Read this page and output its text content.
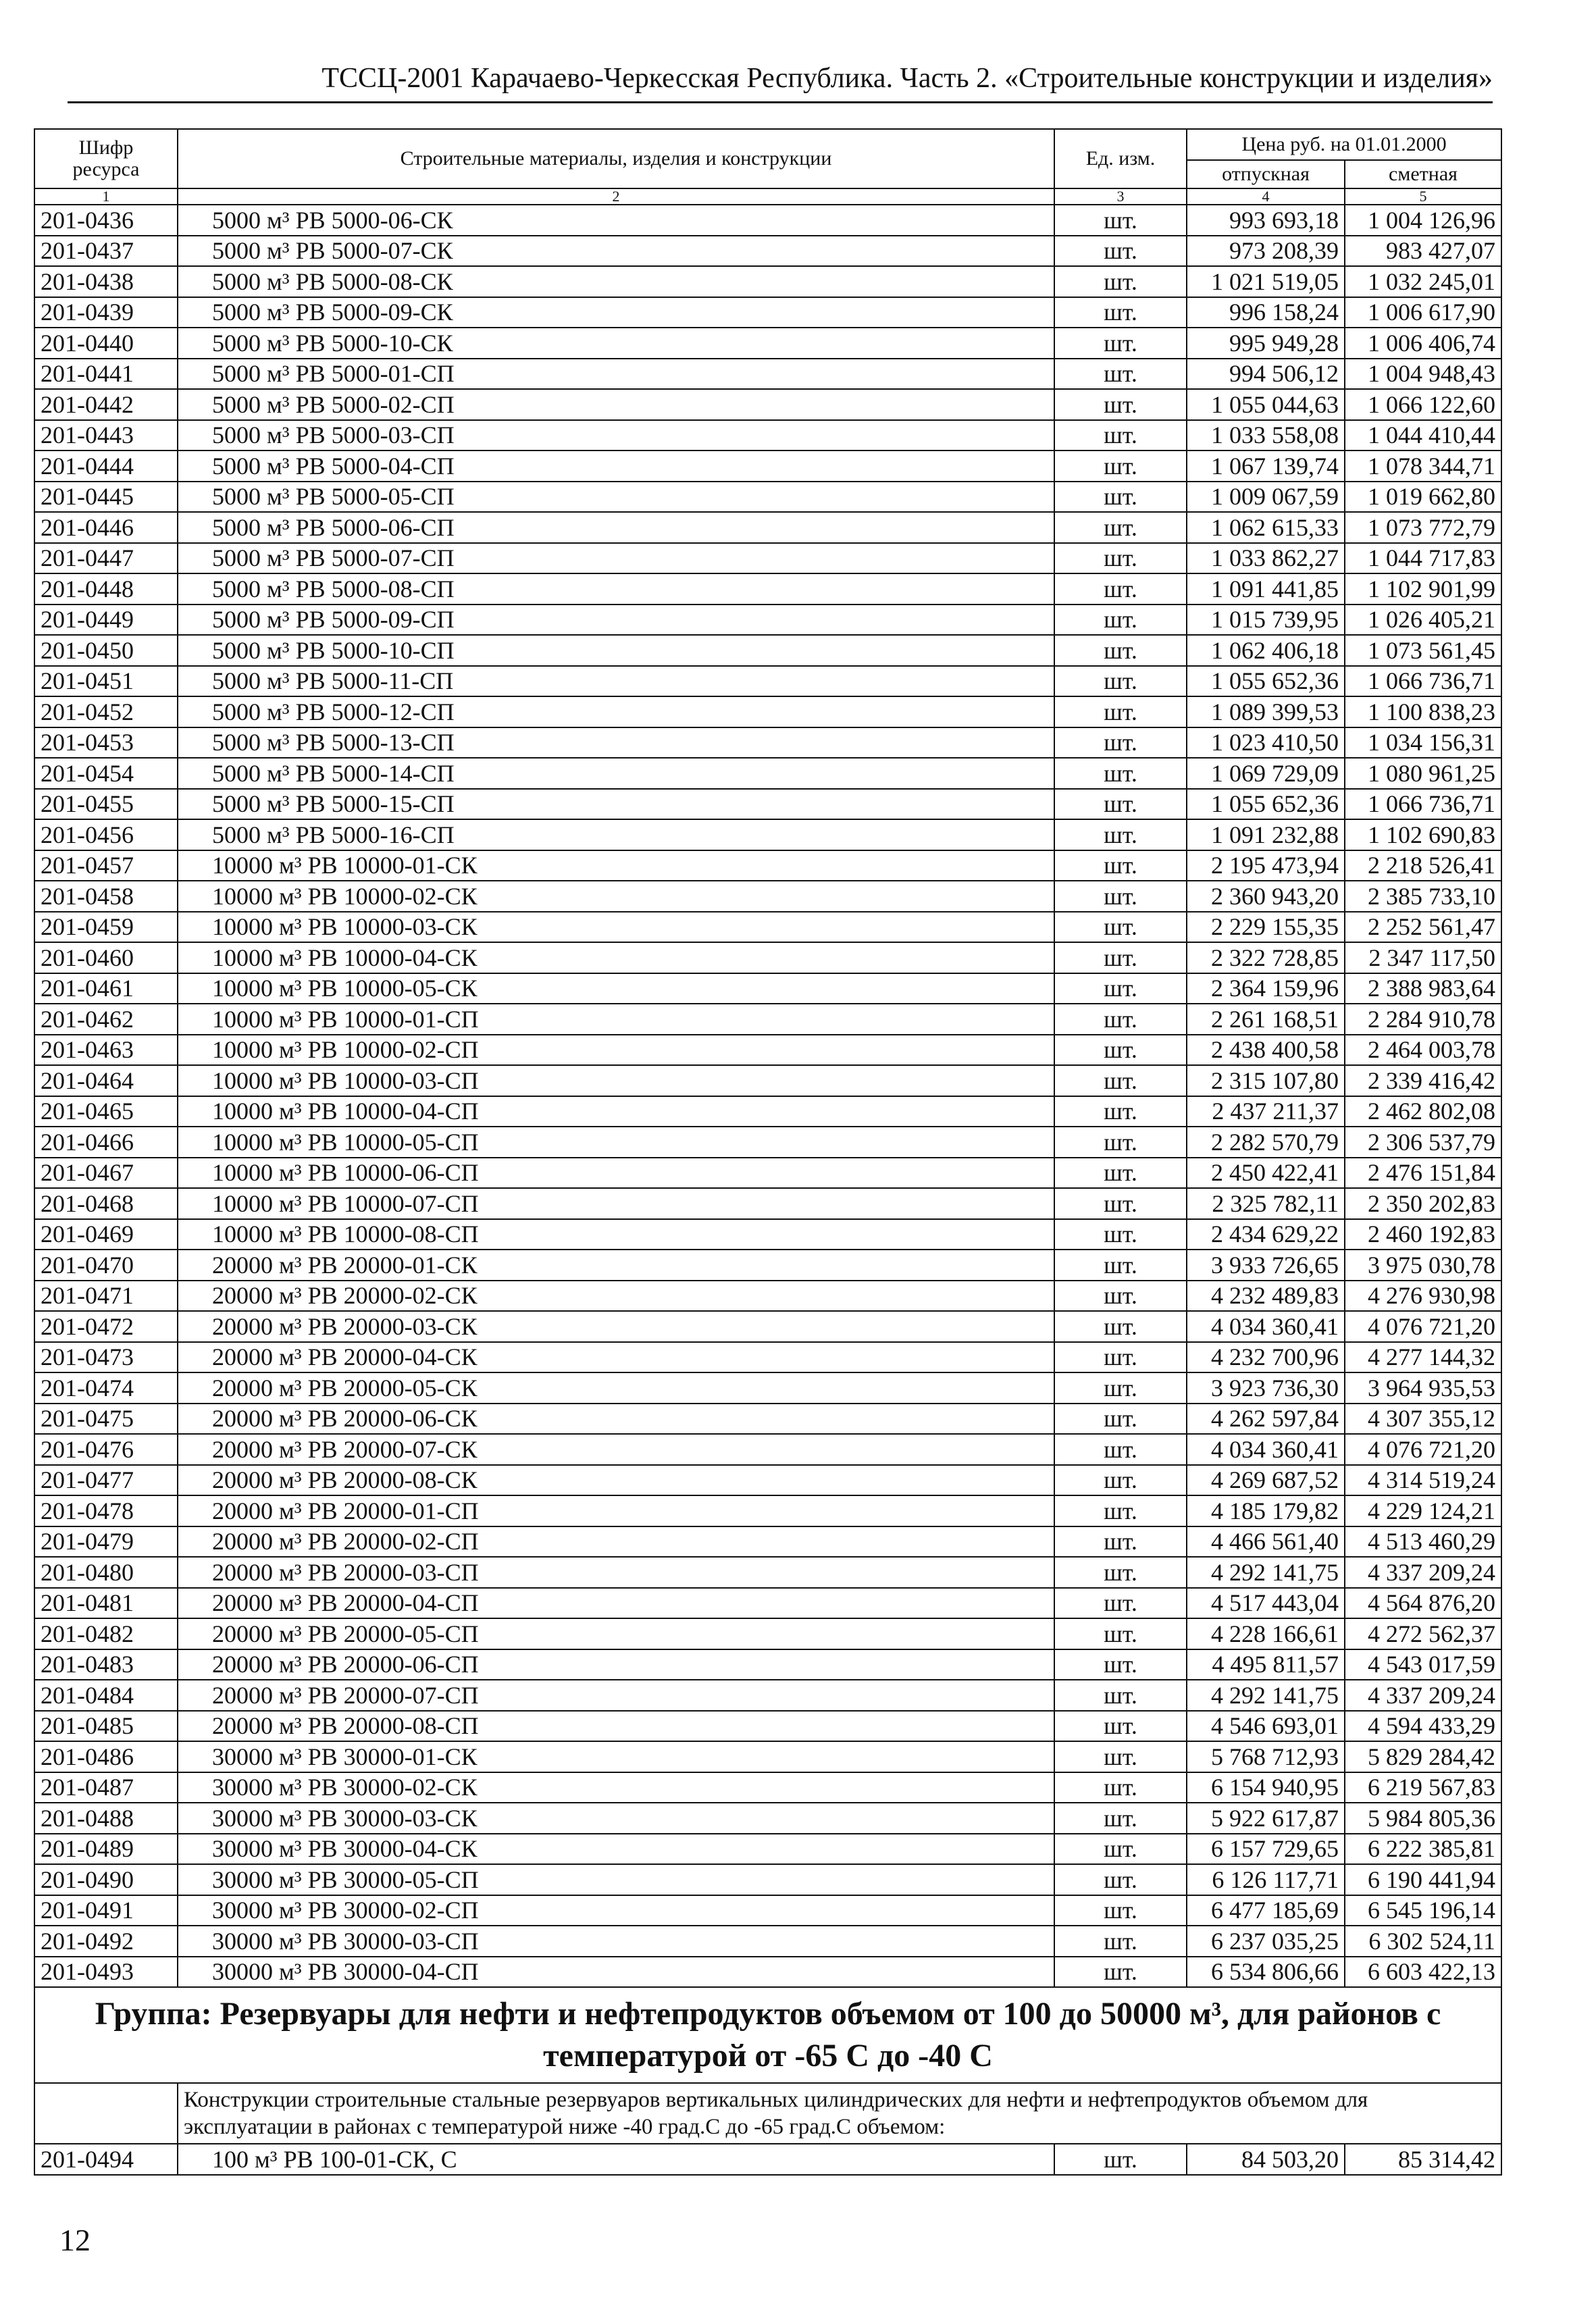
ТССЦ-2001 Карачаево-Черкесская Республика. Часть 2. «Строительные конструкции и изделия»
Шифр ресурса	Строительные материалы, изделия и конструкции	Ед. изм.	Цена руб. на 01.01.2000	
			отпускная	сметная
1	2	3	4	5
201-0436	5000 м³ РВ 5000-06-СК	шт.	993 693,18	1 004 126,96
201-0437	5000 м³ РВ 5000-07-СК	шт.	973 208,39	983 427,07
201-0438	5000 м³ РВ 5000-08-СК	шт.	1 021 519,05	1 032 245,01
201-0439	5000 м³ РВ 5000-09-СК	шт.	996 158,24	1 006 617,90
201-0440	5000 м³ РВ 5000-10-СК	шт.	995 949,28	1 006 406,74
201-0441	5000 м³ РВ 5000-01-СП	шт.	994 506,12	1 004 948,43
201-0442	5000 м³ РВ 5000-02-СП	шт.	1 055 044,63	1 066 122,60
201-0443	5000 м³ РВ 5000-03-СП	шт.	1 033 558,08	1 044 410,44
201-0444	5000 м³ РВ 5000-04-СП	шт.	1 067 139,74	1 078 344,71
201-0445	5000 м³ РВ 5000-05-СП	шт.	1 009 067,59	1 019 662,80
201-0446	5000 м³ РВ 5000-06-СП	шт.	1 062 615,33	1 073 772,79
201-0447	5000 м³ РВ 5000-07-СП	шт.	1 033 862,27	1 044 717,83
201-0448	5000 м³ РВ 5000-08-СП	шт.	1 091 441,85	1 102 901,99
201-0449	5000 м³ РВ 5000-09-СП	шт.	1 015 739,95	1 026 405,21
201-0450	5000 м³ РВ 5000-10-СП	шт.	1 062 406,18	1 073 561,45
201-0451	5000 м³ РВ 5000-11-СП	шт.	1 055 652,36	1 066 736,71
201-0452	5000 м³ РВ 5000-12-СП	шт.	1 089 399,53	1 100 838,23
201-0453	5000 м³ РВ 5000-13-СП	шт.	1 023 410,50	1 034 156,31
201-0454	5000 м³ РВ 5000-14-СП	шт.	1 069 729,09	1 080 961,25
201-0455	5000 м³ РВ 5000-15-СП	шт.	1 055 652,36	1 066 736,71
201-0456	5000 м³ РВ 5000-16-СП	шт.	1 091 232,88	1 102 690,83
201-0457	10000 м³ РВ 10000-01-СК	шт.	2 195 473,94	2 218 526,41
201-0458	10000 м³ РВ 10000-02-СК	шт.	2 360 943,20	2 385 733,10
201-0459	10000 м³ РВ 10000-03-СК	шт.	2 229 155,35	2 252 561,47
201-0460	10000 м³ РВ 10000-04-СК	шт.	2 322 728,85	2 347 117,50
201-0461	10000 м³ РВ 10000-05-СК	шт.	2 364 159,96	2 388 983,64
201-0462	10000 м³ РВ 10000-01-СП	шт.	2 261 168,51	2 284 910,78
201-0463	10000 м³ РВ 10000-02-СП	шт.	2 438 400,58	2 464 003,78
201-0464	10000 м³ РВ 10000-03-СП	шт.	2 315 107,80	2 339 416,42
201-0465	10000 м³ РВ 10000-04-СП	шт.	2 437 211,37	2 462 802,08
201-0466	10000 м³ РВ 10000-05-СП	шт.	2 282 570,79	2 306 537,79
201-0467	10000 м³ РВ 10000-06-СП	шт.	2 450 422,41	2 476 151,84
201-0468	10000 м³ РВ 10000-07-СП	шт.	2 325 782,11	2 350 202,83
201-0469	10000 м³ РВ 10000-08-СП	шт.	2 434 629,22	2 460 192,83
201-0470	20000 м³ РВ 20000-01-СК	шт.	3 933 726,65	3 975 030,78
201-0471	20000 м³ РВ 20000-02-СК	шт.	4 232 489,83	4 276 930,98
201-0472	20000 м³ РВ 20000-03-СК	шт.	4 034 360,41	4 076 721,20
201-0473	20000 м³ РВ 20000-04-СК	шт.	4 232 700,96	4 277 144,32
201-0474	20000 м³ РВ 20000-05-СК	шт.	3 923 736,30	3 964 935,53
201-0475	20000 м³ РВ 20000-06-СК	шт.	4 262 597,84	4 307 355,12
201-0476	20000 м³ РВ 20000-07-СК	шт.	4 034 360,41	4 076 721,20
201-0477	20000 м³ РВ 20000-08-СК	шт.	4 269 687,52	4 314 519,24
201-0478	20000 м³ РВ 20000-01-СП	шт.	4 185 179,82	4 229 124,21
201-0479	20000 м³ РВ 20000-02-СП	шт.	4 466 561,40	4 513 460,29
201-0480	20000 м³ РВ 20000-03-СП	шт.	4 292 141,75	4 337 209,24
201-0481	20000 м³ РВ 20000-04-СП	шт.	4 517 443,04	4 564 876,20
201-0482	20000 м³ РВ 20000-05-СП	шт.	4 228 166,61	4 272 562,37
201-0483	20000 м³ РВ 20000-06-СП	шт.	4 495 811,57	4 543 017,59
201-0484	20000 м³ РВ 20000-07-СП	шт.	4 292 141,75	4 337 209,24
201-0485	20000 м³ РВ 20000-08-СП	шт.	4 546 693,01	4 594 433,29
201-0486	30000 м³ РВ 30000-01-СК	шт.	5 768 712,93	5 829 284,42
201-0487	30000 м³ РВ 30000-02-СК	шт.	6 154 940,95	6 219 567,83
201-0488	30000 м³ РВ 30000-03-СК	шт.	5 922 617,87	5 984 805,36
201-0489	30000 м³ РВ 30000-04-СК	шт.	6 157 729,65	6 222 385,81
201-0490	30000 м³ РВ 30000-05-СП	шт.	6 126 117,71	6 190 441,94
201-0491	30000 м³ РВ 30000-02-СП	шт.	6 477 185,69	6 545 196,14
201-0492	30000 м³ РВ 30000-03-СП	шт.	6 237 035,25	6 302 524,11
201-0493	30000 м³ РВ 30000-04-СП	шт.	6 534 806,66	6 603 422,13
Группа: Резервуары для нефти и нефтепродуктов объемом от 100 до 50000 м³, для районов с температурой от -65 С до -40 С				
	Конструкции строительные стальные резервуаров вертикальных цилиндрических для нефти и нефтепродуктов объемом для эксплуатации в районах с температурой ниже -40 град.С до -65 град.С объемом:			
201-0494	100 м³ РВ 100-01-СК, С	шт.	84 503,20	85 314,42
12
